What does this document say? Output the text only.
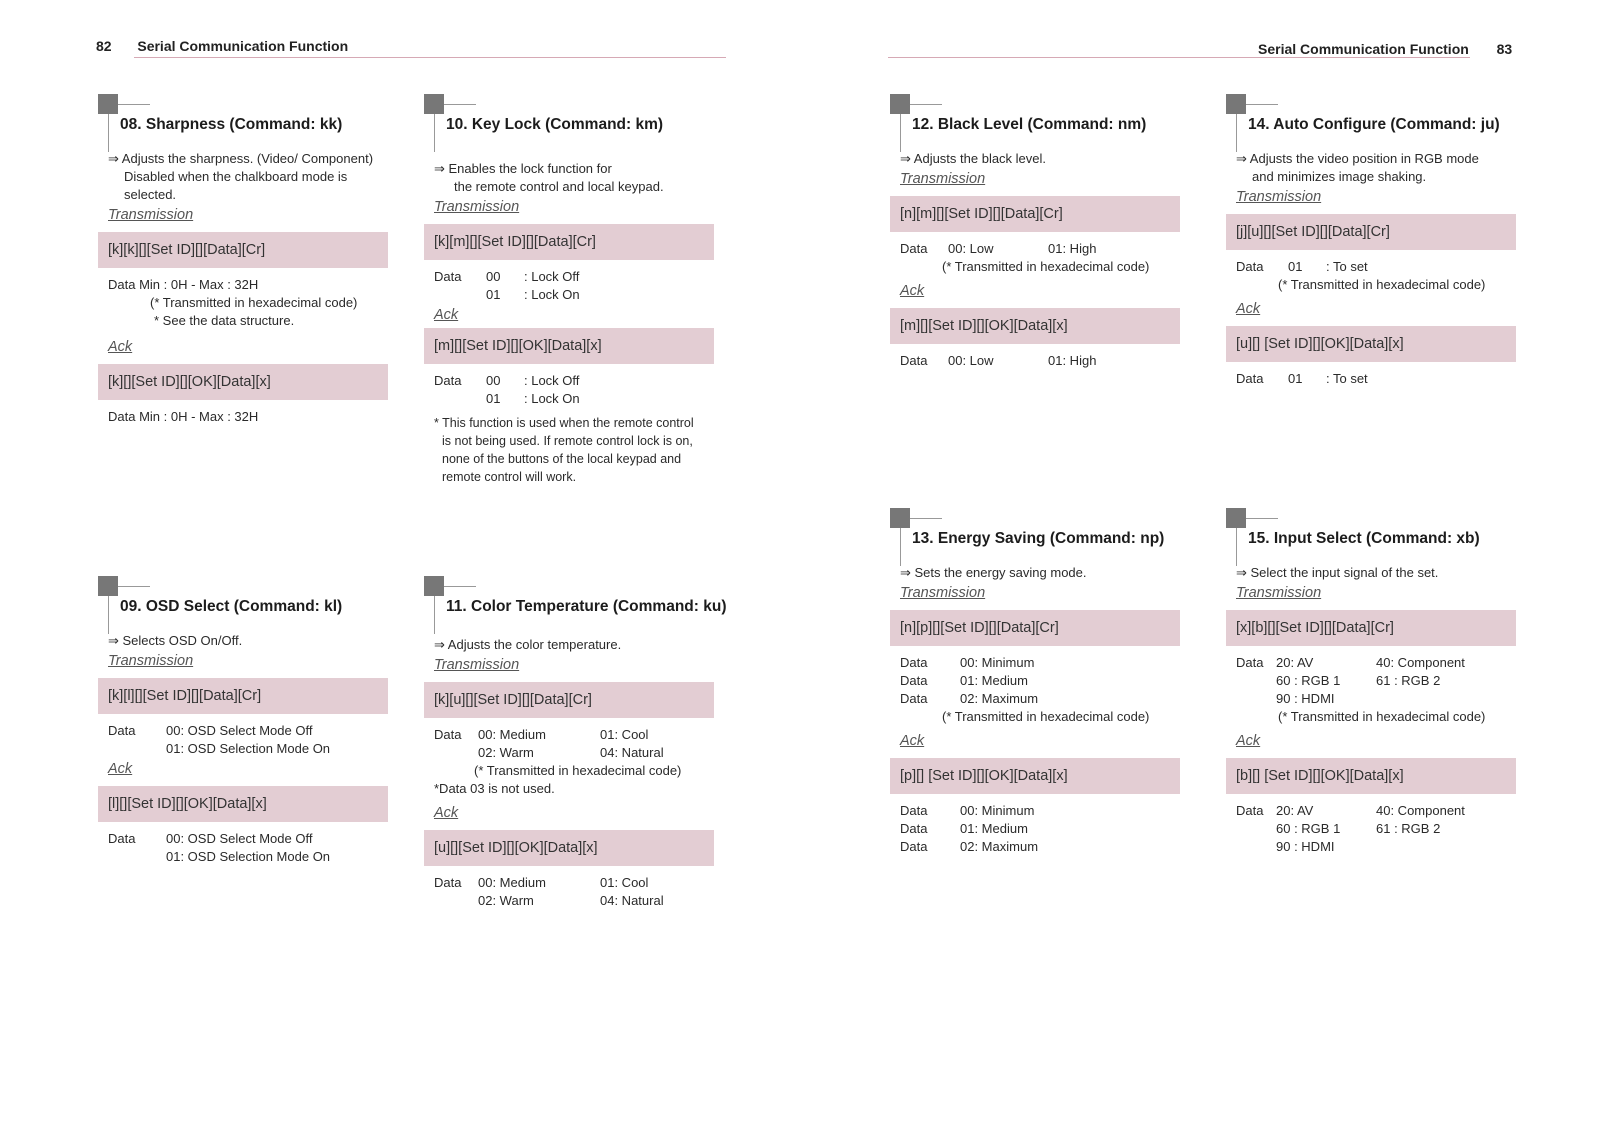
82 Serial Communication Function
08. Sharpness (Command: kk)
⇒ Adjusts the sharpness. (Video/ Component)
Disabled when the chalkboard mode is
selected.
Transmission
[k][k][][Set ID][][Data][Cr]
Data Min : 0H - Max : 32H
(* Transmitted in hexadecimal code)
* See the data structure.
Ack
[k][][Set ID][][OK][Data][x]
Data Min : 0H - Max : 32H
09. OSD Select (Command: kl)
⇒ Selects OSD On/Off.
Transmission
[k][l][][Set ID][][Data][Cr]
Data	00: OSD Select Mode Off
01: OSD Selection Mode On
Ack
[l][][Set ID][][OK][Data][x]
Data	00: OSD Select Mode Off
01: OSD Selection Mode On
10. Key Lock (Command: km)
⇒ Enables the lock function for
the remote control and local keypad.
Transmission
[k][m][][Set ID][][Data][Cr]
Data	00	: Lock Off
01	: Lock On
Ack
[m][][Set ID][][OK][Data][x]
Data	00	: Lock Off
01	: Lock On
* This function is used when the remote control
is not being used. If remote control lock is on,
none of the buttons of the local keypad and
remote control will work.
11. Color Temperature (Command: ku)
⇒ Adjusts the color temperature.
Transmission
[k][u][][Set ID][][Data][Cr]
Data	00: Medium	01: Cool
02: Warm	04: Natural
(* Transmitted in hexadecimal code)
*Data 03 is not used.
Ack
[u][][Set ID][][OK][Data][x]
Data	00: Medium	01: Cool
02: Warm	04: Natural
Serial Communication Function 83
12. Black Level (Command: nm)
⇒ Adjusts the black level.
Transmission
[n][m][][Set ID][][Data][Cr]
Data	00: Low	01: High
(* Transmitted in hexadecimal code)
Ack
[m][][Set ID][][OK][Data][x]
Data	00: Low	01: High
13. Energy Saving (Command: np)
⇒ Sets the energy saving mode.
Transmission
[n][p][][Set ID][][Data][Cr]
Data	00: Minimum
Data	01: Medium
Data	02: Maximum
(* Transmitted in hexadecimal code)
Ack
[p][] [Set ID][][OK][Data][x]
Data	00: Minimum
Data	01: Medium
Data	02: Maximum
14. Auto Configure (Command: ju)
⇒ Adjusts the video position in RGB mode
and minimizes image shaking.
Transmission
[j][u][][Set ID][][Data][Cr]
Data	01	: To set
(* Transmitted in hexadecimal code)
Ack
[u][] [Set ID][][OK][Data][x]
Data	01	: To set
15. Input Select (Command: xb)
⇒ Select the input signal of the set.
Transmission
[x][b][][Set ID][][Data][Cr]
Data 20: AV	40: Component
60 : RGB 1	61 : RGB 2
90 : HDMI
(* Transmitted in hexadecimal code)
Ack
[b][] [Set ID][][OK][Data][x]
Data 20: AV	40: Component
60 : RGB 1	61 : RGB 2
90 : HDMI
